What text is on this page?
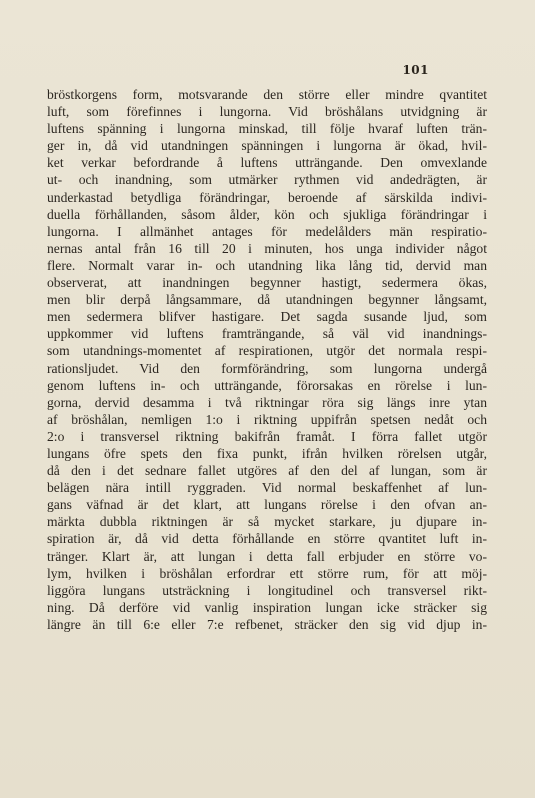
101
bröstkorgens form, motsvarande den större eller mindre qvantitet
luft, som förefinnes i lungorna. Vid bröshålans utvidgning är
luftens spänning i lungorna minskad, till följe hvaraf luften trän-
ger in, då vid utandningen spänningen i lungorna är ökad, hvil-
ket verkar befordrande å luftens utträngande. Den omvexlande
ut- och inandning, som utmärker rythmen vid andedrägten, är
underkastad betydliga förändringar, beroende af särskilda indivi-
duella förhållanden, såsom ålder, kön och sjukliga förändringar i
lungorna. I allmänhet antages för medelålders män respiratio-
nernas antal från 16 till 20 i minuten, hos unga individer något
flere. Normalt varar in- och utandning lika lång tid, dervid man
observerat, att inandningen begynner hastigt, sedermera ökas,
men blir derpå långsammare, då utandningen begynner långsamt,
men sedermera blifver hastigare. Det sagda susande ljud, som
uppkommer vid luftens framträngande, så väl vid inandnings-
som utandnings-momentet af respirationen, utgör det normala respi-
rationsljudet. Vid den formförändring, som lungorna undergå
genom luftens in- och utträngande, förorsakas en rörelse i lun-
gorna, dervid desamma i två riktningar röra sig längs inre ytan
af bröshålan, nemligen 1:o i riktning uppifrån spetsen nedåt och
2:o i transversel riktning bakifrån framåt. I förra fallet utgör
lungans öfre spets den fixa punkt, ifrån hvilken rörelsen utgår,
då den i det sednare fallet utgöres af den del af lungan, som är
belägen nära intill ryggraden. Vid normal beskaffenhet af lun-
gans väfnad är det klart, att lungans rörelse i den ofvan an-
märkta dubbla riktningen är så mycket starkare, ju djupare in-
spiration är, då vid detta förhållande en större qvantitet luft in-
tränger. Klart är, att lungan i detta fall erbjuder en större vo-
lym, hvilken i bröshålan erfordrar ett större rum, för att möj-
liggöra lungans utsträckning i longitudinel och transversel rikt-
ning. Då derföre vid vanlig inspiration lungan icke sträcker sig
längre än till 6:e eller 7:e refbenet, sträcker den sig vid djup in-
